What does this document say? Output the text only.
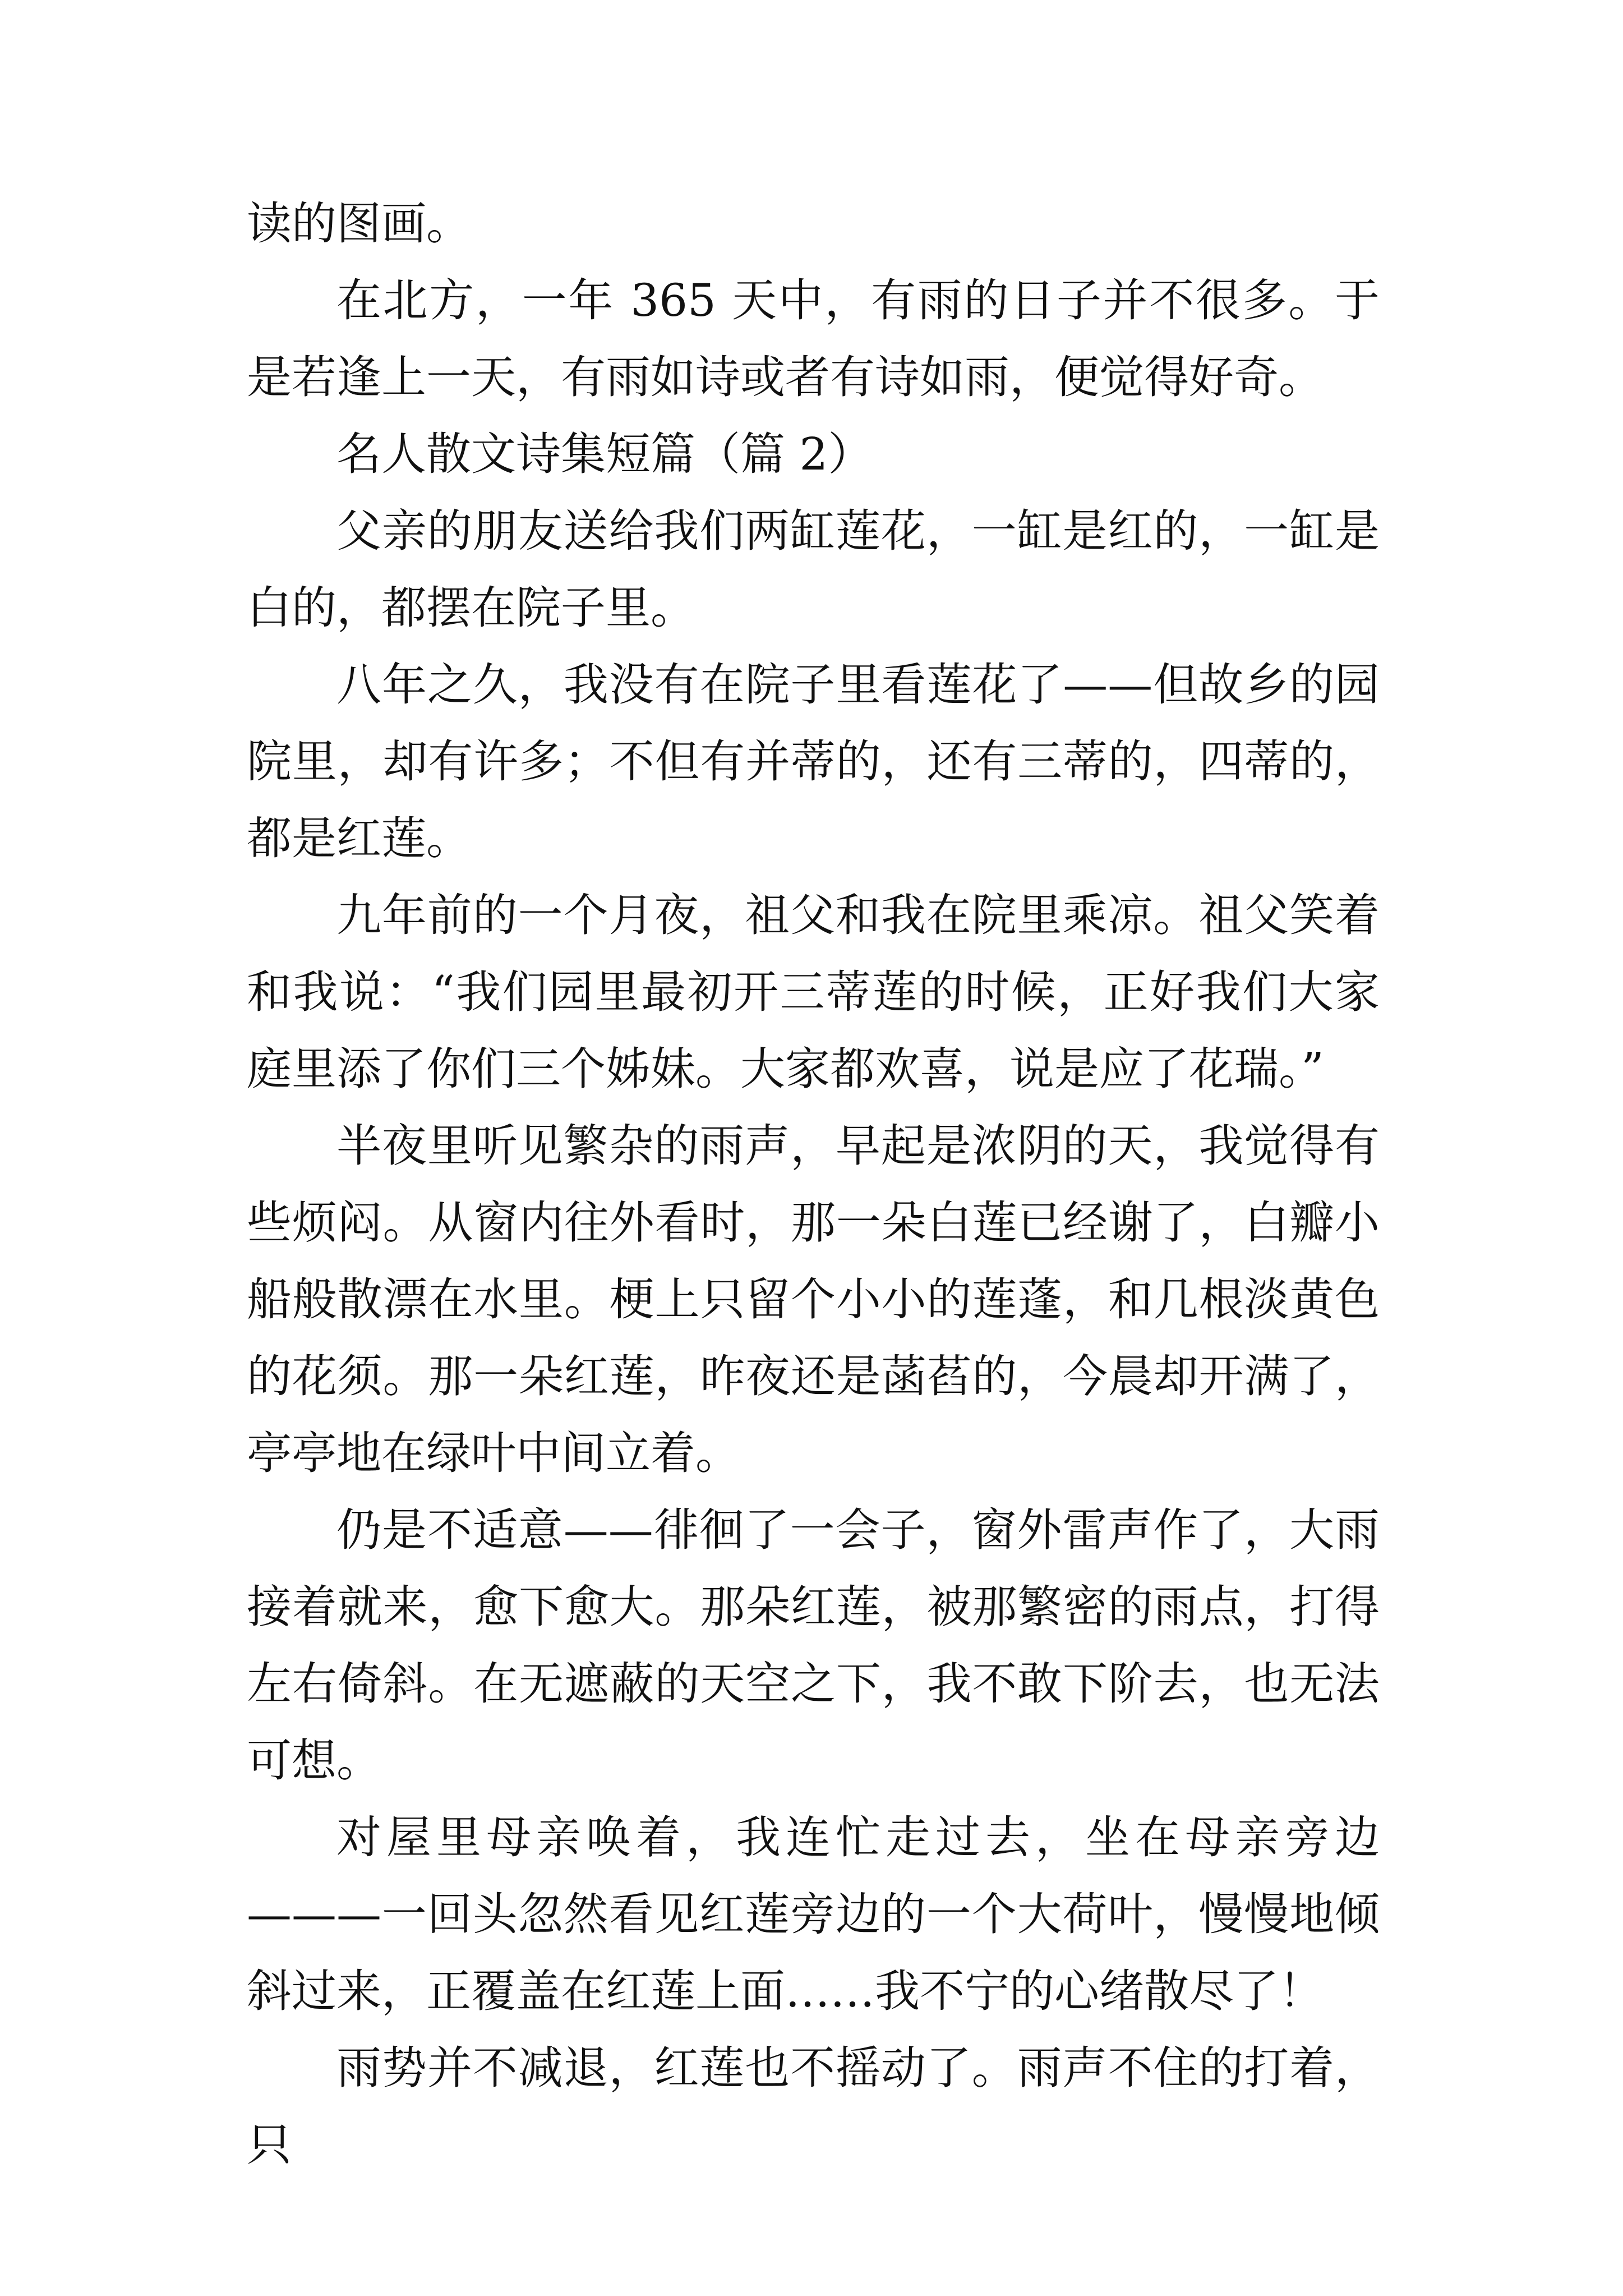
读的图画。

在北方，一年 365 天中，有雨的日子并不很多。于是若逢上一天，有雨如诗或者有诗如雨，便觉得好奇。

名人散文诗集短篇（篇 2）

父亲的朋友送给我们两缸莲花，一缸是红的，一缸是白的，都摆在院子里。

八年之久，我没有在院子里看莲花了——但故乡的园院里，却有许多；不但有并蒂的，还有三蒂的，四蒂的，都是红莲。

九年前的一个月夜，祖父和我在院里乘凉。祖父笑着和我说：“我们园里最初开三蒂莲的时候，正好我们大家庭里添了你们三个姊妹。大家都欢喜，说是应了花瑞。”

半夜里听见繁杂的雨声，早起是浓阴的天，我觉得有些烦闷。从窗内往外看时，那一朵白莲已经谢了，白瓣小船般散漂在水里。梗上只留个小小的莲蓬，和几根淡黄色的花须。那一朵红莲，昨夜还是菡萏的，今晨却开满了，亭亭地在绿叶中间立着。

仍是不适意——徘徊了一会子，窗外雷声作了，大雨接着就来，愈下愈大。那朵红莲，被那繁密的雨点，打得左右倚斜。在无遮蔽的天空之下，我不敢下阶去，也无法可想。

对屋里母亲唤着，我连忙走过去，坐在母亲旁边———一回头忽然看见红莲旁边的一个大荷叶，慢慢地倾斜过来，正覆盖在红莲上面……我不宁的心绪散尽了！

雨势并不减退，红莲也不摇动了。雨声不住的打着，只
